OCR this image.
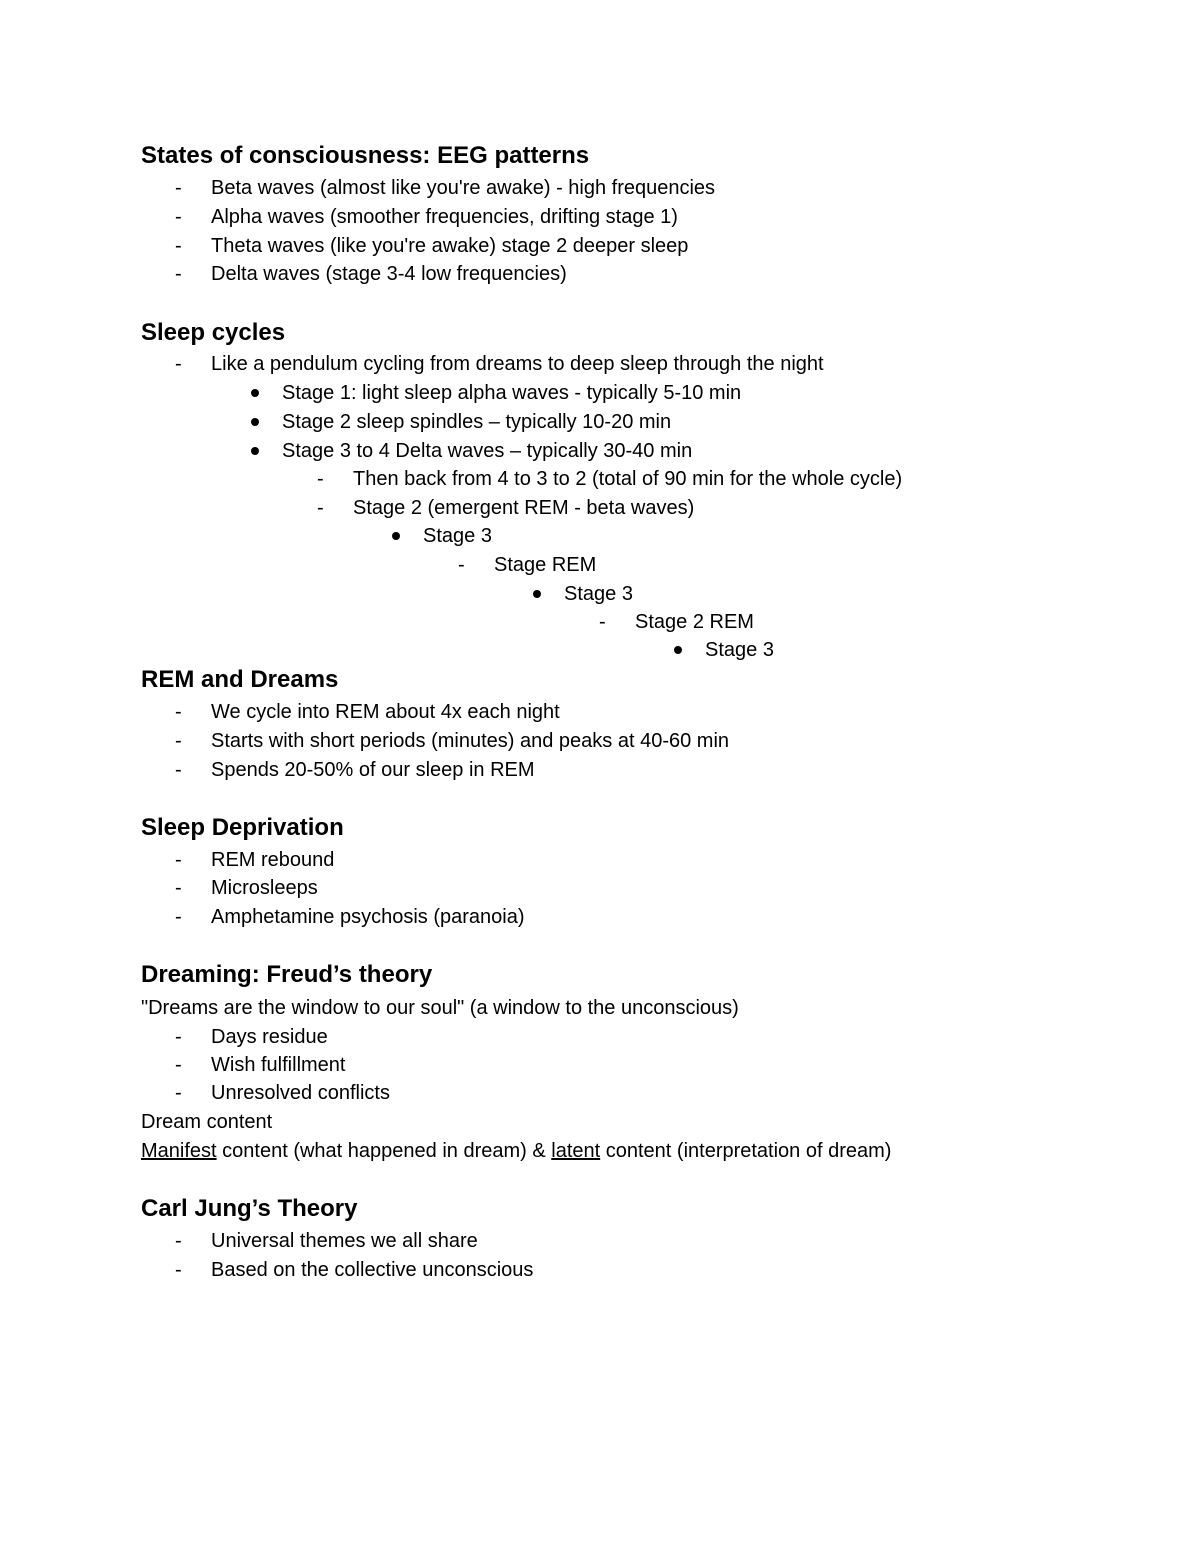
States of consciousness: EEG patterns
- Beta waves (almost like you're awake) - high frequencies
- Alpha waves (smoother frequencies, drifting stage 1)
- Theta waves (like you're awake) stage 2 deeper sleep
- Delta waves (stage 3-4 low frequencies)
Sleep cycles
- Like a pendulum cycling from dreams to deep sleep through the night
Stage 1: light sleep alpha waves - typically 5-10 min
Stage 2 sleep spindles – typically 10-20 min
Stage 3 to 4 Delta waves – typically 30-40 min
- Then back from 4 to 3 to 2 (total of 90 min for the whole cycle)
- Stage 2 (emergent REM - beta waves)
Stage 3
- Stage REM
Stage 3
- Stage 2 REM
Stage 3
REM and Dreams
- We cycle into REM about 4x each night
- Starts with short periods (minutes) and peaks at 40-60 min
- Spends 20-50% of our sleep in REM
Sleep Deprivation
- REM rebound
- Microsleeps
- Amphetamine psychosis (paranoia)
Dreaming: Freud’s theory
"Dreams are the window to our soul" (a window to the unconscious)
- Days residue
- Wish fulfillment
- Unresolved conflicts
Dream content
Manifest content (what happened in dream) & latent content (interpretation of dream)
Carl Jung’s Theory
- Universal themes we all share
- Based on the collective unconscious
